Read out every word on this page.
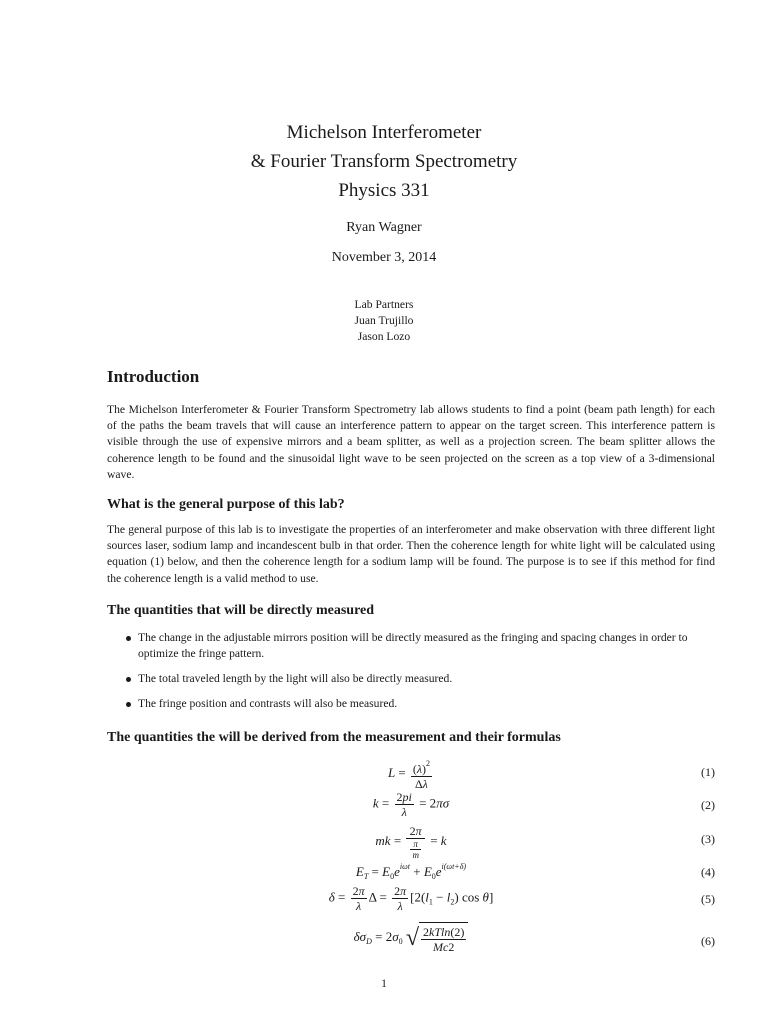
Michelson Interferometer
& Fourier Transform Spectrometry
Physics 331
Ryan Wagner
November 3, 2014
Lab Partners
Juan Trujillo
Jason Lozo
Introduction
The Michelson Interferometer & Fourier Transform Spectrometry lab allows students to find a point (beam path length) for each of the paths the beam travels that will cause an interference pattern to appear on the target screen. This interference pattern is visible through the use of expensive mirrors and a beam splitter, as well as a projection screen. The beam splitter allows the coherence length to be found and the sinusoidal light wave to be seen projected on the screen as a top view of a 3-dimensional wave.
What is the general purpose of this lab?
The general purpose of this lab is to investigate the properties of an interferometer and make observation with three different light sources laser, sodium lamp and incandescent bulb in that order. Then the coherence length for white light will be calculated using equation (1) below, and then the coherence length for a sodium lamp will be found. The purpose is to see if this method for find the coherence length is a valid method to use.
The quantities that will be directly measured
The change in the adjustable mirrors position will be directly measured as the fringing and spacing changes in order to optimize the fringe pattern.
The total traveled length by the light will also be directly measured.
The fringe position and contrasts will also be measured.
The quantities the will be derived from the measurement and their formulas
$L = \frac{(\lambda)^2}{\Delta\lambda}$	(1)
$k = \frac{2pi}{\lambda} = 2\pi\sigma$	(2)
mk = $\frac{2\pi}{\frac{\pi}{m}} = k$	(3)
$E_T = E_0e^{i\omega t} + E_0e^{i(\omega t+\delta)}$	(4)
$\delta = \frac{2\pi}{\lambda}$ $\Delta = \frac{2\pi}{\lambda} [2(l_1 - l_2)$ cos θ]	(5)
$\delta\sigma_D = 2\sigma_0$ √ $\frac{2kTln(2)}{Mc2}$	(6)
1
